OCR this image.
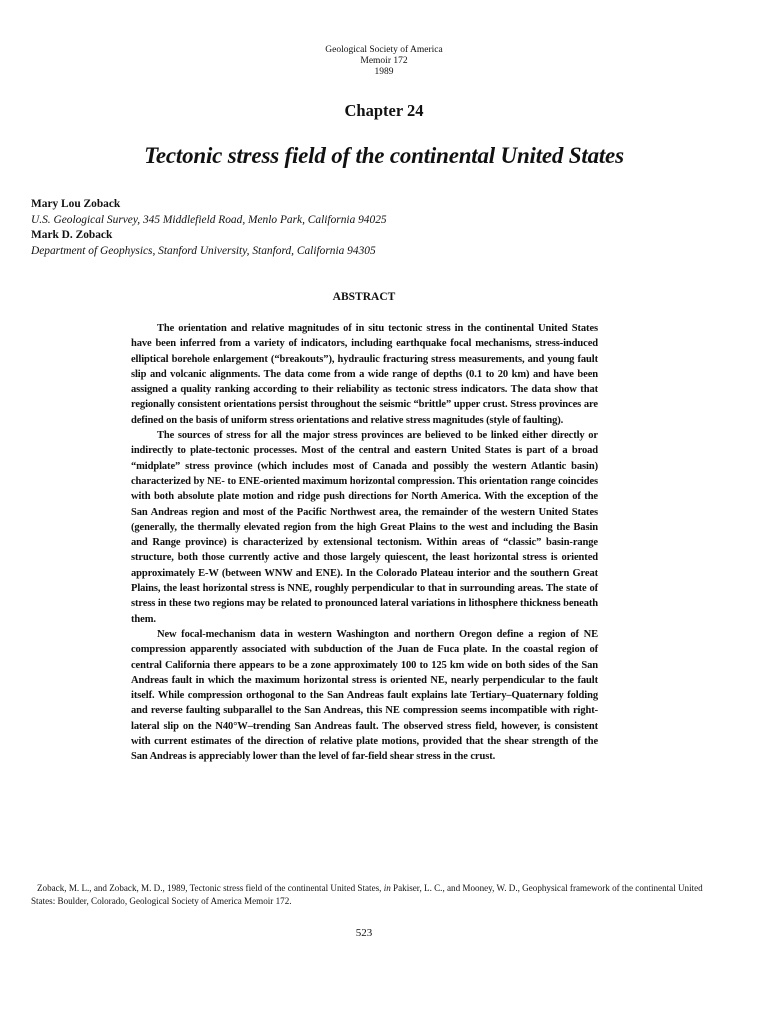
Geological Society of America
Memoir 172
1989
Chapter 24
Tectonic stress field of the continental United States
Mary Lou Zoback
U.S. Geological Survey, 345 Middlefield Road, Menlo Park, California 94025
Mark D. Zoback
Department of Geophysics, Stanford University, Stanford, California 94305
ABSTRACT

The orientation and relative magnitudes of in situ tectonic stress in the continental United States have been inferred from a variety of indicators, including earthquake focal mechanisms, stress-induced elliptical borehole enlargement (“breakouts”), hydraulic fracturing stress measurements, and young fault slip and volcanic alignments. The data come from a wide range of depths (0.1 to 20 km) and have been assigned a quality ranking according to their reliability as tectonic stress indicators. The data show that regionally consistent orientations persist throughout the seismic “brittle” upper crust. Stress provinces are defined on the basis of uniform stress orientations and relative stress magnitudes (style of faulting).

The sources of stress for all the major stress provinces are believed to be linked either directly or indirectly to plate-tectonic processes. Most of the central and eastern United States is part of a broad “midplate” stress province (which includes most of Canada and possibly the western Atlantic basin) characterized by NE- to ENE-oriented maximum horizontal compression. This orientation range coincides with both absolute plate motion and ridge push directions for North America. With the exception of the San Andreas region and most of the Pacific Northwest area, the remainder of the western United States (generally, the thermally elevated region from the high Great Plains to the west and including the Basin and Range province) is characterized by extensional tectonism. Within areas of “classic” basin-range structure, both those currently active and those largely quiescent, the least horizontal stress is oriented approximately E-W (between WNW and ENE). In the Colorado Plateau interior and the southern Great Plains, the least horizontal stress is NNE, roughly perpendicular to that in surrounding areas. The state of stress in these two regions may be related to pronounced lateral variations in lithosphere thickness beneath them.

New focal-mechanism data in western Washington and northern Oregon define a region of NE compression apparently associated with subduction of the Juan de Fuca plate. In the coastal region of central California there appears to be a zone approximately 100 to 125 km wide on both sides of the San Andreas fault in which the maximum horizontal stress is oriented NE, nearly perpendicular to the fault itself. While compression orthogonal to the San Andreas fault explains late Tertiary–Quaternary folding and reverse faulting subparallel to the San Andreas, this NE compression seems incompatible with right-lateral slip on the N40°W–trending San Andreas fault. The observed stress field, however, is consistent with current estimates of the direction of relative plate motions, provided that the shear strength of the San Andreas is appreciably lower than the level of far-field shear stress in the crust.

Zoback, M. L., and Zoback, M. D., 1989, Tectonic stress field of the continental United States, in Pakiser, L. C., and Mooney, W. D., Geophysical framework of the continental United States: Boulder, Colorado, Geological Society of America Memoir 172.
523
